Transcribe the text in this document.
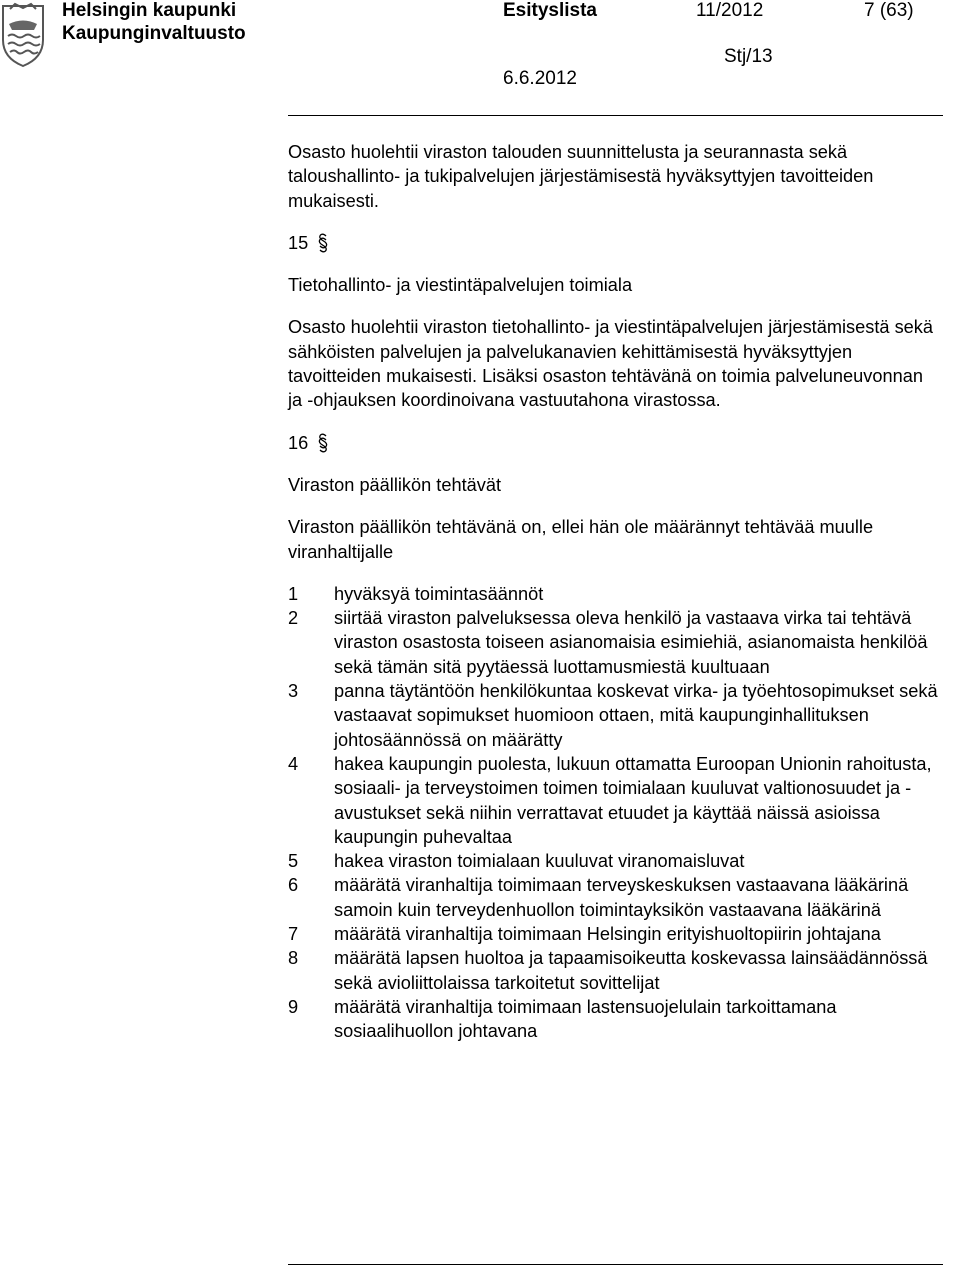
Helsingin kaupunki
Kaupunginvaltuusto
Esityslista	11/2012	7 (63)
Stj/13
6.6.2012

Osasto huolehtii viraston talouden suunnittelusta ja seurannasta sekä taloushallinto- ja tukipalvelujen järjestämisestä hyväksyttyjen tavoitteiden mukaisesti.

15

Tietohallinto- ja viestintäpalvelujen toimiala

Osasto huolehtii viraston tietohallinto- ja viestintäpalvelujen järjestämisestä sekä sähköisten palvelujen ja palvelukanavien kehittämisestä hyväksyttyjen tavoitteiden mukaisesti. Lisäksi osaston tehtävänä on toimia palveluneuvonnan ja -ohjauksen koordinoivana vastuutahona virastossa.

16

Viraston päällikön tehtävät

Viraston päällikön tehtävänä on, ellei hän ole määrännyt tehtävää muulle viranhaltijalle

1	hyväksyä toimintasäännöt
2	siirtää viraston palveluksessa oleva henkilö ja vastaava virka tai tehtävä viraston osastosta toiseen asianomaisia esimiehiä, asianomaista henkilöä sekä tämän sitä pyytäessä luottamusmiestä kuultuaan
3	panna täytäntöön henkilökuntaa koskevat virka- ja työehtosopimukset sekä vastaavat sopimukset huomioon ottaen, mitä kaupunginhallituksen johtosäännössä on määrätty
4	hakea kaupungin puolesta, lukuun ottamatta Euroopan Unionin rahoitusta, sosiaali- ja terveystoimen toimen toimialaan kuuluvat valtionosuudet ja -avustukset sekä niihin verrattavat etuudet ja käyttää näissä asioissa kaupungin puhevaltaa
5	hakea viraston toimialaan kuuluvat viranomaisluvat
6	määrätä viranhaltija toimimaan terveyskeskuksen vastaavana lääkärinä samoin kuin terveydenhuollon toimintayksikön vastaavana lääkärinä
7	määrätä viranhaltija toimimaan Helsingin erityishuoltopiirin johtajana
8	määrätä lapsen huoltoa ja tapaamisoikeutta koskevassa lainsäädännössä sekä avioliittolaissa tarkoitetut sovittelijat
9	määrätä viranhaltija toimimaan lastensuojelulain tarkoittamana sosiaalihuollon johtavana
